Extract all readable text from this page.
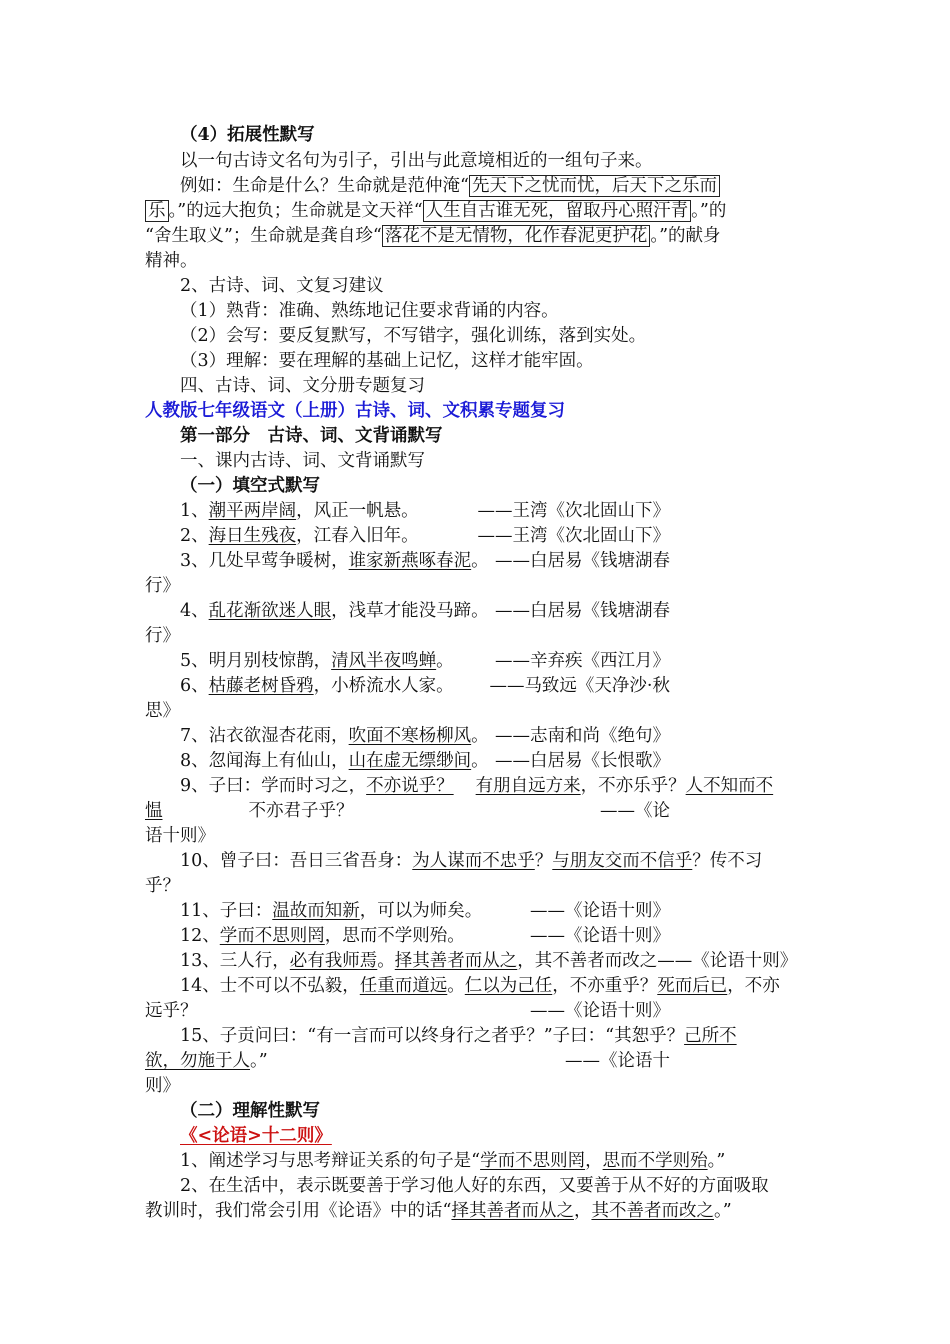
（4）拓展性默写
以一句古诗文名句为引子，引出与此意境相近的一组句子来。
例如：生命是什么？生命就是范仲淹“ 先天下之忧而忧，后天下之乐而
乐 。”的远大抱负；生命就是文天祥“ 人生自古谁无死，留取丹心照汗青 。”的
“舍生取义”；生命就是龚自珍“ 落花不是无情物，化作春泥更护花 。”的献身
精神。
2、古诗、词、文复习建议
（1）熟背：准确、熟练地记住要求背诵的内容。
（2）会写：要反复默写，不写错字，强化训练，落到实处。
（3）理解：要在理解的基础上记忆，这样才能牢固。
四、古诗、词、文分册专题复习
人教版七年级语文（上册）古诗、词、文积累专题复习
第一部分　古诗、词、文背诵默写
一、课内古诗、词、文背诵默写
（一）填空式默写
1、潮平两岸阔，风正一帆悬。	——王湾《次北固山下》
2、海日生残夜，江春入旧年。	——王湾《次北固山下》
3、几处早莺争暖树，谁家新燕啄春泥。 ——白居易《钱塘湖春
行》
4、乱花渐欲迷人眼，浅草才能没马蹄。 ——白居易《钱塘湖春
行》
5、明月别枝惊鹊，清风半夜鸣蝉。 ——辛弃疾《西江月》
6、枯藤老树昏鸦，小桥流水人家。 ——马致远《天净沙·秋
思》
7、沾衣欲湿杏花雨，吹面不寒杨柳风。 ——志南和尚《绝句》
8、忽闻海上有仙山，山在虚无缥缈间。 ——白居易《长恨歌》
9、子曰：学而时习之，不亦说乎？ 有朋自远方来，不亦乐乎？人不知而不
愠	不亦君子乎？	——《论
语十则》
10、曾子曰：吾日三省吾身：为人谋而不忠乎？与朋友交而不信乎？传不习
乎？
11、子曰：温故而知新，可以为师矣。	——《论语十则》
12、学而不思则罔，思而不学则殆。	——《论语十则》
13、三人行，必有我师焉。择其善者而从之，其不善者而改之——《论语十则》
14、士不可以不弘毅，任重而道远。仁以为己任，不亦重乎？死而后已，不亦
远乎？	——《论语十则》
15、子贡问曰：“有一言而可以终身行之者乎？”子曰：“其恕乎？己所不
欲，勿施于人。”	——《论语十
则》
（二）理解性默写
《<论语>十二则》
1、阐述学习与思考辩证关系的句子是“学而不思则罔，思而不学则殆。”
2、在生活中，表示既要善于学习他人好的东西，又要善于从不好的方面吸取
教训时，我们常会引用《论语》中的话“择其善者而从之，其不善者而改之。”
